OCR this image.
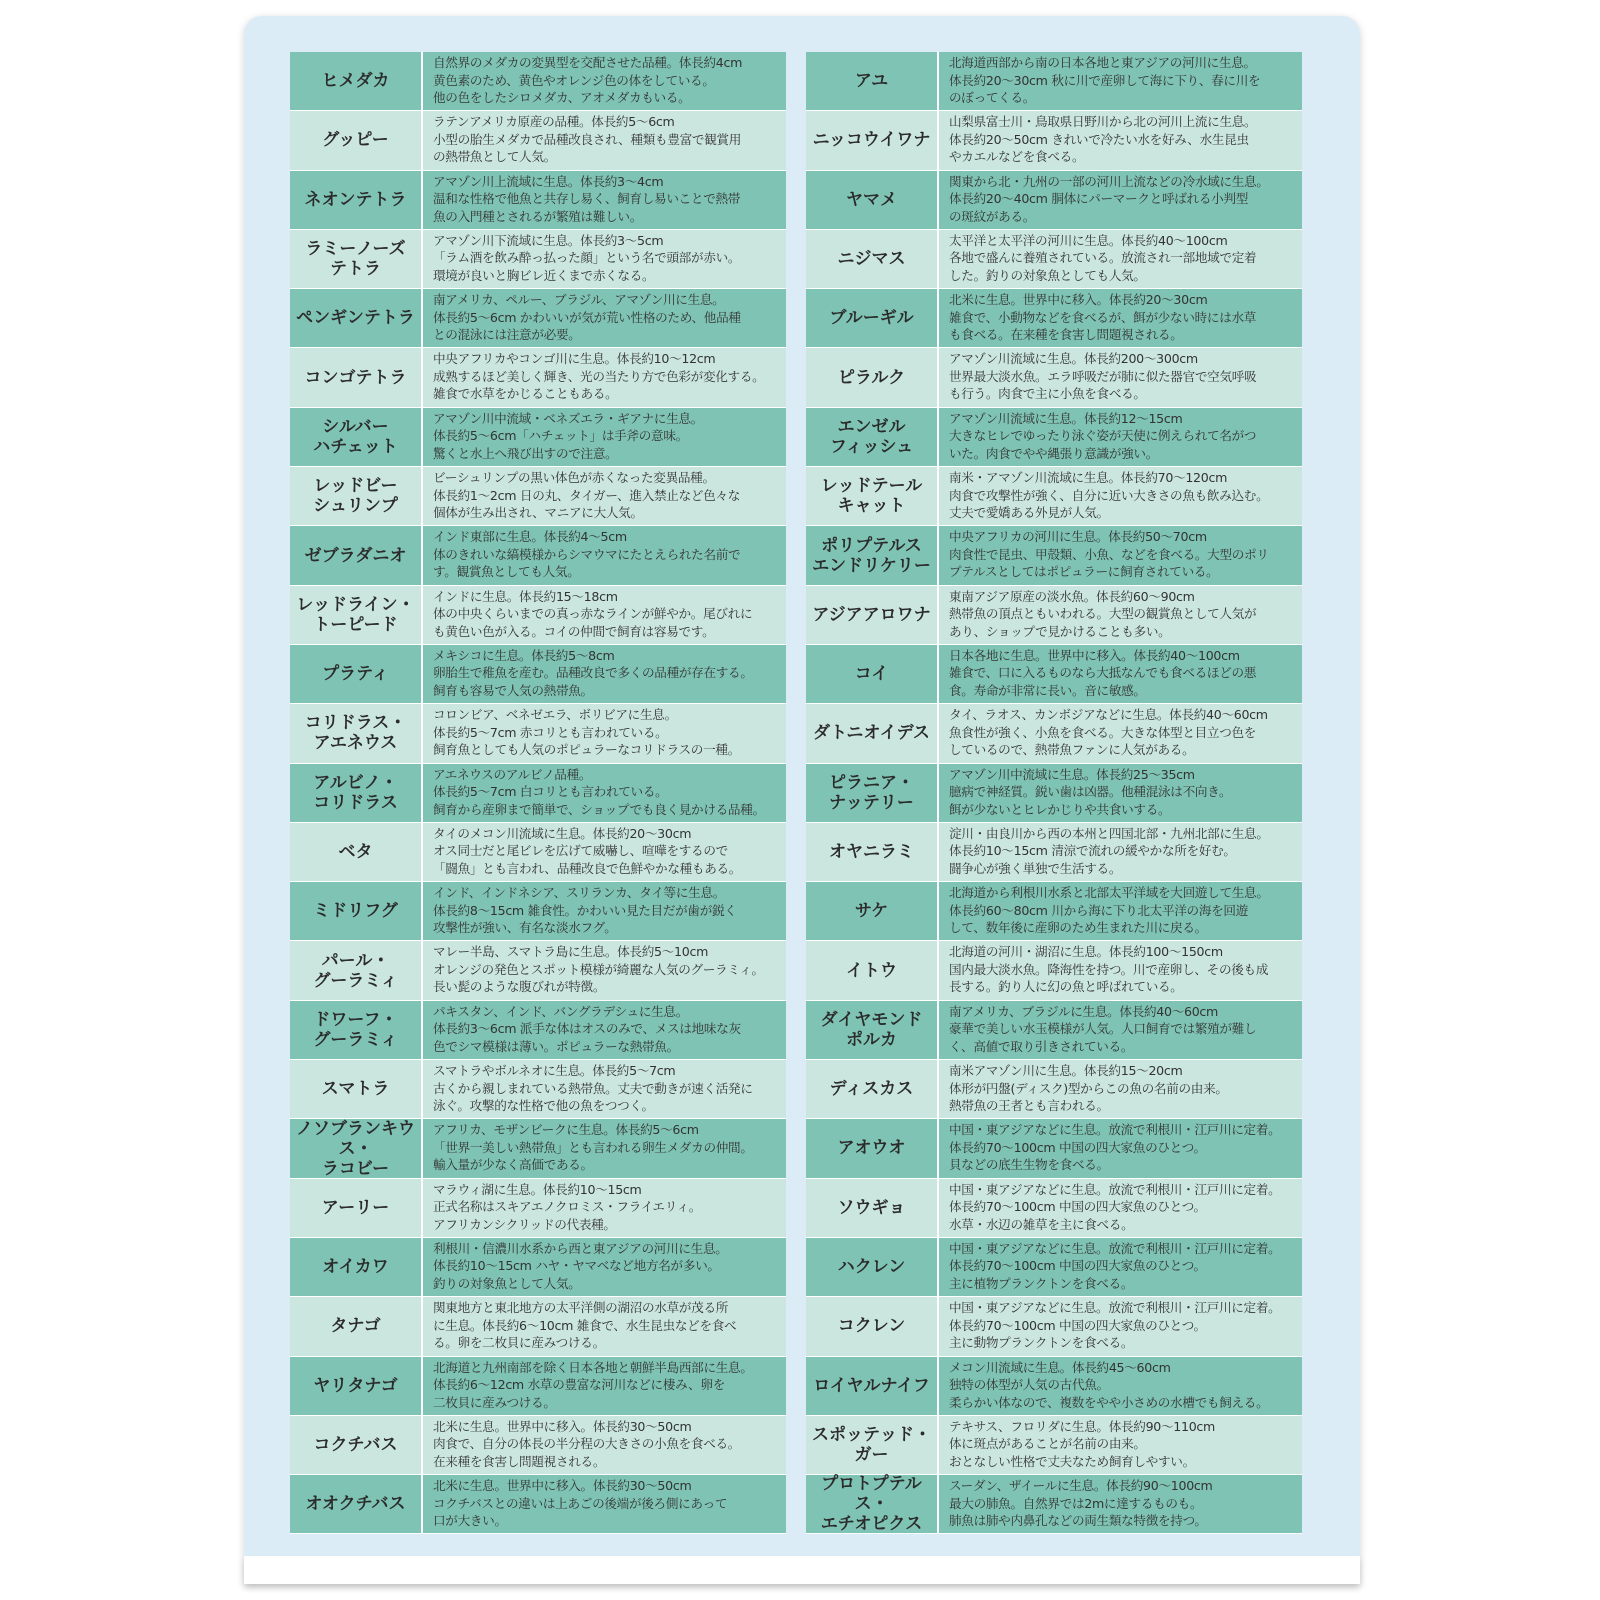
ヒメダカ
自然界のメダカの変異型を交配させた品種。体長約4cm
黄色素のため、黄色やオレンジ色の体をしている。
他の色をしたシロメダカ、アオメダカもいる。
グッピー
ラテンアメリカ原産の品種。体長約5〜6cm
小型の胎生メダカで品種改良され、種類も豊富で観賞用
の熱帯魚として人気。
ネオンテトラ
アマゾン川上流域に生息。体長約3〜4cm
温和な性格で他魚と共存し易く、飼育し易いことで熱帯
魚の入門種とされるが繁殖は難しい。
ラミーノーズ
テトラ
アマゾン川下流域に生息。体長約3〜5cm
「ラム酒を飲み酔っ払った顔」という名で頭部が赤い。
環境が良いと胸ビレ近くまで赤くなる。
ペンギンテトラ
南アメリカ、ペルー、ブラジル、アマゾン川に生息。
体長約5〜6cm かわいいが気が荒い性格のため、他品種
との混泳には注意が必要。
コンゴテトラ
中央アフリカやコンゴ川に生息。体長約10〜12cm
成熟するほど美しく輝き、光の当たり方で色彩が変化する。
雑食で水草をかじることもある。
シルバー
ハチェット
アマゾン川中流域・ベネズエラ・ギアナに生息。
体長約5〜6cm「ハチェット」は手斧の意味。
驚くと水上へ飛び出すので注意。
レッドビー
シュリンプ
ビーシュリンプの黒い体色が赤くなった変異品種。
体長約1〜2cm 日の丸、タイガー、進入禁止など色々な
個体が生み出され、マニアに大人気。
ゼブラダニオ
インド東部に生息。体長約4〜5cm
体のきれいな縞模様からシマウマにたとえられた名前で
す。観賞魚としても人気。
レッドライン・
トーピード
インドに生息。体長約15〜18cm
体の中央くらいまでの真っ赤なラインが鮮やか。尾びれに
も黄色い色が入る。コイの仲間で飼育は容易です。
プラティ
メキシコに生息。体長約5〜8cm
卵胎生で稚魚を産む。品種改良で多くの品種が存在する。
飼育も容易で人気の熱帯魚。
コリドラス・
アエネウス
コロンビア、ベネゼエラ、ボリビアに生息。
体長約5〜7cm 赤コリとも言われている。
飼育魚としても人気のポピュラーなコリドラスの一種。
アルビノ・
コリドラス
アエネウスのアルビノ品種。
体長約5〜7cm 白コリとも言われている。
飼育から産卵まで簡単で、ショップでも良く見かける品種。
ベタ
タイのメコン川流域に生息。体長約20〜30cm
オス同士だと尾ビレを広げて威嚇し、喧嘩をするので
「闘魚」とも言われ、品種改良で色鮮やかな種もある。
ミドリフグ
インド、インドネシア、スリランカ、タイ等に生息。
体長約8〜15cm 雑食性。かわいい見た目だが歯が鋭く
攻撃性が強い、有名な淡水フグ。
パール・
グーラミィ
マレー半島、スマトラ島に生息。体長約5〜10cm
オレンジの発色とスポット模様が綺麗な人気のグーラミィ。
長い髭のような腹びれが特徴。
ドワーフ・
グーラミィ
パキスタン、インド、バングラデシュに生息。
体長約3〜6cm 派手な体はオスのみで、メスは地味な灰
色でシマ模様は薄い。ポピュラーな熱帯魚。
スマトラ
スマトラやボルネオに生息。体長約5〜7cm
古くから親しまれている熱帯魚。丈夫で動きが速く活発に
泳ぐ。攻撃的な性格で他の魚をつつく。
ノソブランキウス・
ラコビー
アフリカ、モザンビークに生息。体長約5〜6cm
「世界一美しい熱帯魚」とも言われる卵生メダカの仲間。
輸入量が少なく高価である。
アーリー
マラウィ湖に生息。体長約10〜15cm
正式名称はスキアエノクロミス・フライエリィ。
アフリカンシクリッドの代表種。
オイカワ
利根川・信濃川水系から西と東アジアの河川に生息。
体長約10〜15cm ハヤ・ヤマベなど地方名が多い。
釣りの対象魚として人気。
タナゴ
関東地方と東北地方の太平洋側の湖沼の水草が茂る所
に生息。体長約6〜10cm 雑食で、水生昆虫などを食べ
る。卵を二枚貝に産みつける。
ヤリタナゴ
北海道と九州南部を除く日本各地と朝鮮半島西部に生息。
体長約6〜12cm 水草の豊富な河川などに棲み、卵を
二枚貝に産みつける。
コクチバス
北米に生息。世界中に移入。体長約30〜50cm
肉食で、自分の体長の半分程の大きさの小魚を食べる。
在来種を食害し問題視される。
オオクチバス
北米に生息。世界中に移入。体長約30〜50cm
コクチバスとの違いは上あごの後端が後ろ側にあって
口が大きい。
アユ
北海道西部から南の日本各地と東アジアの河川に生息。
体長約20〜30cm 秋に川で産卵して海に下り、春に川を
のぼってくる。
ニッコウイワナ
山梨県富士川・鳥取県日野川から北の河川上流に生息。
体長約20〜50cm きれいで冷たい水を好み、水生昆虫
やカエルなどを食べる。
ヤマメ
関東から北・九州の一部の河川上流などの冷水域に生息。
体長約20〜40cm 胴体にパーマークと呼ばれる小判型
の斑紋がある。
ニジマス
太平洋と太平洋の河川に生息。体長約40〜100cm
各地で盛んに養殖されている。放流され一部地域で定着
した。釣りの対象魚としても人気。
ブルーギル
北米に生息。世界中に移入。体長約20〜30cm
雑食で、小動物などを食べるが、餌が少ない時には水草
も食べる。在来種を食害し問題視される。
ピラルク
アマゾン川流域に生息。体長約200〜300cm
世界最大淡水魚。エラ呼吸だが肺に似た器官で空気呼吸
も行う。肉食で主に小魚を食べる。
エンゼル
フィッシュ
アマゾン川流域に生息。体長約12〜15cm
大きなヒレでゆったり泳ぐ姿が天使に例えられて名がつ
いた。肉食でやや縄張り意識が強い。
レッドテール
キャット
南米・アマゾン川流域に生息。体長約70〜120cm
肉食で攻撃性が強く、自分に近い大きさの魚も飲み込む。
丈夫で愛嬌ある外見が人気。
ポリプテルス
エンドリケリー
中央アフリカの河川に生息。体長約50〜70cm
肉食性で昆虫、甲殻類、小魚、などを食べる。大型のポリ
プテルスとしてはポピュラーに飼育されている。
アジアアロワナ
東南アジア原産の淡水魚。体長約60〜90cm
熱帯魚の頂点ともいわれる。大型の観賞魚として人気が
あり、ショップで見かけることも多い。
コイ
日本各地に生息。世界中に移入。体長約40〜100cm
雑食で、口に入るものなら大抵なんでも食べるほどの悪
食。寿命が非常に長い。音に敏感。
ダトニオイデス
タイ、ラオス、カンボジアなどに生息。体長約40〜60cm
魚食性が強く、小魚を食べる。大きな体型と目立つ色を
しているので、熱帯魚ファンに人気がある。
ピラニア・
ナッテリー
アマゾン川中流域に生息。体長約25〜35cm
臆病で神経質。鋭い歯は凶器。他種混泳は不向き。
餌が少ないとヒレかじりや共食いする。
オヤニラミ
淀川・由良川から西の本州と四国北部・九州北部に生息。
体長約10〜15cm 清涼で流れの緩やかな所を好む。
闘争心が強く単独で生活する。
サケ
北海道から利根川水系と北部太平洋域を大回遊して生息。
体長約60〜80cm 川から海に下り北太平洋の海を回遊
して、数年後に産卵のため生まれた川に戻る。
イトウ
北海道の河川・湖沼に生息。体長約100〜150cm
国内最大淡水魚。降海性を持つ。川で産卵し、その後も成
長する。釣り人に幻の魚と呼ばれている。
ダイヤモンド
ポルカ
南アメリカ、ブラジルに生息。体長約40〜60cm
豪華で美しい水玉模様が人気。人口飼育では繁殖が難し
く、高値で取り引きされている。
ディスカス
南米アマゾン川に生息。体長約15〜20cm
体形が円盤(ディスク)型からこの魚の名前の由来。
熱帯魚の王者とも言われる。
アオウオ
中国・東アジアなどに生息。放流で利根川・江戸川に定着。
体長約70〜100cm 中国の四大家魚のひとつ。
貝などの底生生物を食べる。
ソウギョ
中国・東アジアなどに生息。放流で利根川・江戸川に定着。
体長約70〜100cm 中国の四大家魚のひとつ。
水草・水辺の雑草を主に食べる。
ハクレン
中国・東アジアなどに生息。放流で利根川・江戸川に定着。
体長約70〜100cm 中国の四大家魚のひとつ。
主に植物プランクトンを食べる。
コクレン
中国・東アジアなどに生息。放流で利根川・江戸川に定着。
体長約70〜100cm 中国の四大家魚のひとつ。
主に動物プランクトンを食べる。
ロイヤルナイフ
メコン川流域に生息。体長約45〜60cm
独特の体型が人気の古代魚。
柔らかい体なので、複数をやや小さめの水槽でも飼える。
スポッテッド・
ガー
テキサス、フロリダに生息。体長約90〜110cm
体に斑点があることが名前の由来。
おとなしい性格で丈夫なため飼育しやすい。
プロトプテルス・
エチオピクス
スーダン、ザイールに生息。体長約90〜100cm
最大の肺魚。自然界では2mに達するものも。
肺魚は肺や内鼻孔などの両生類な特徴を持つ。
